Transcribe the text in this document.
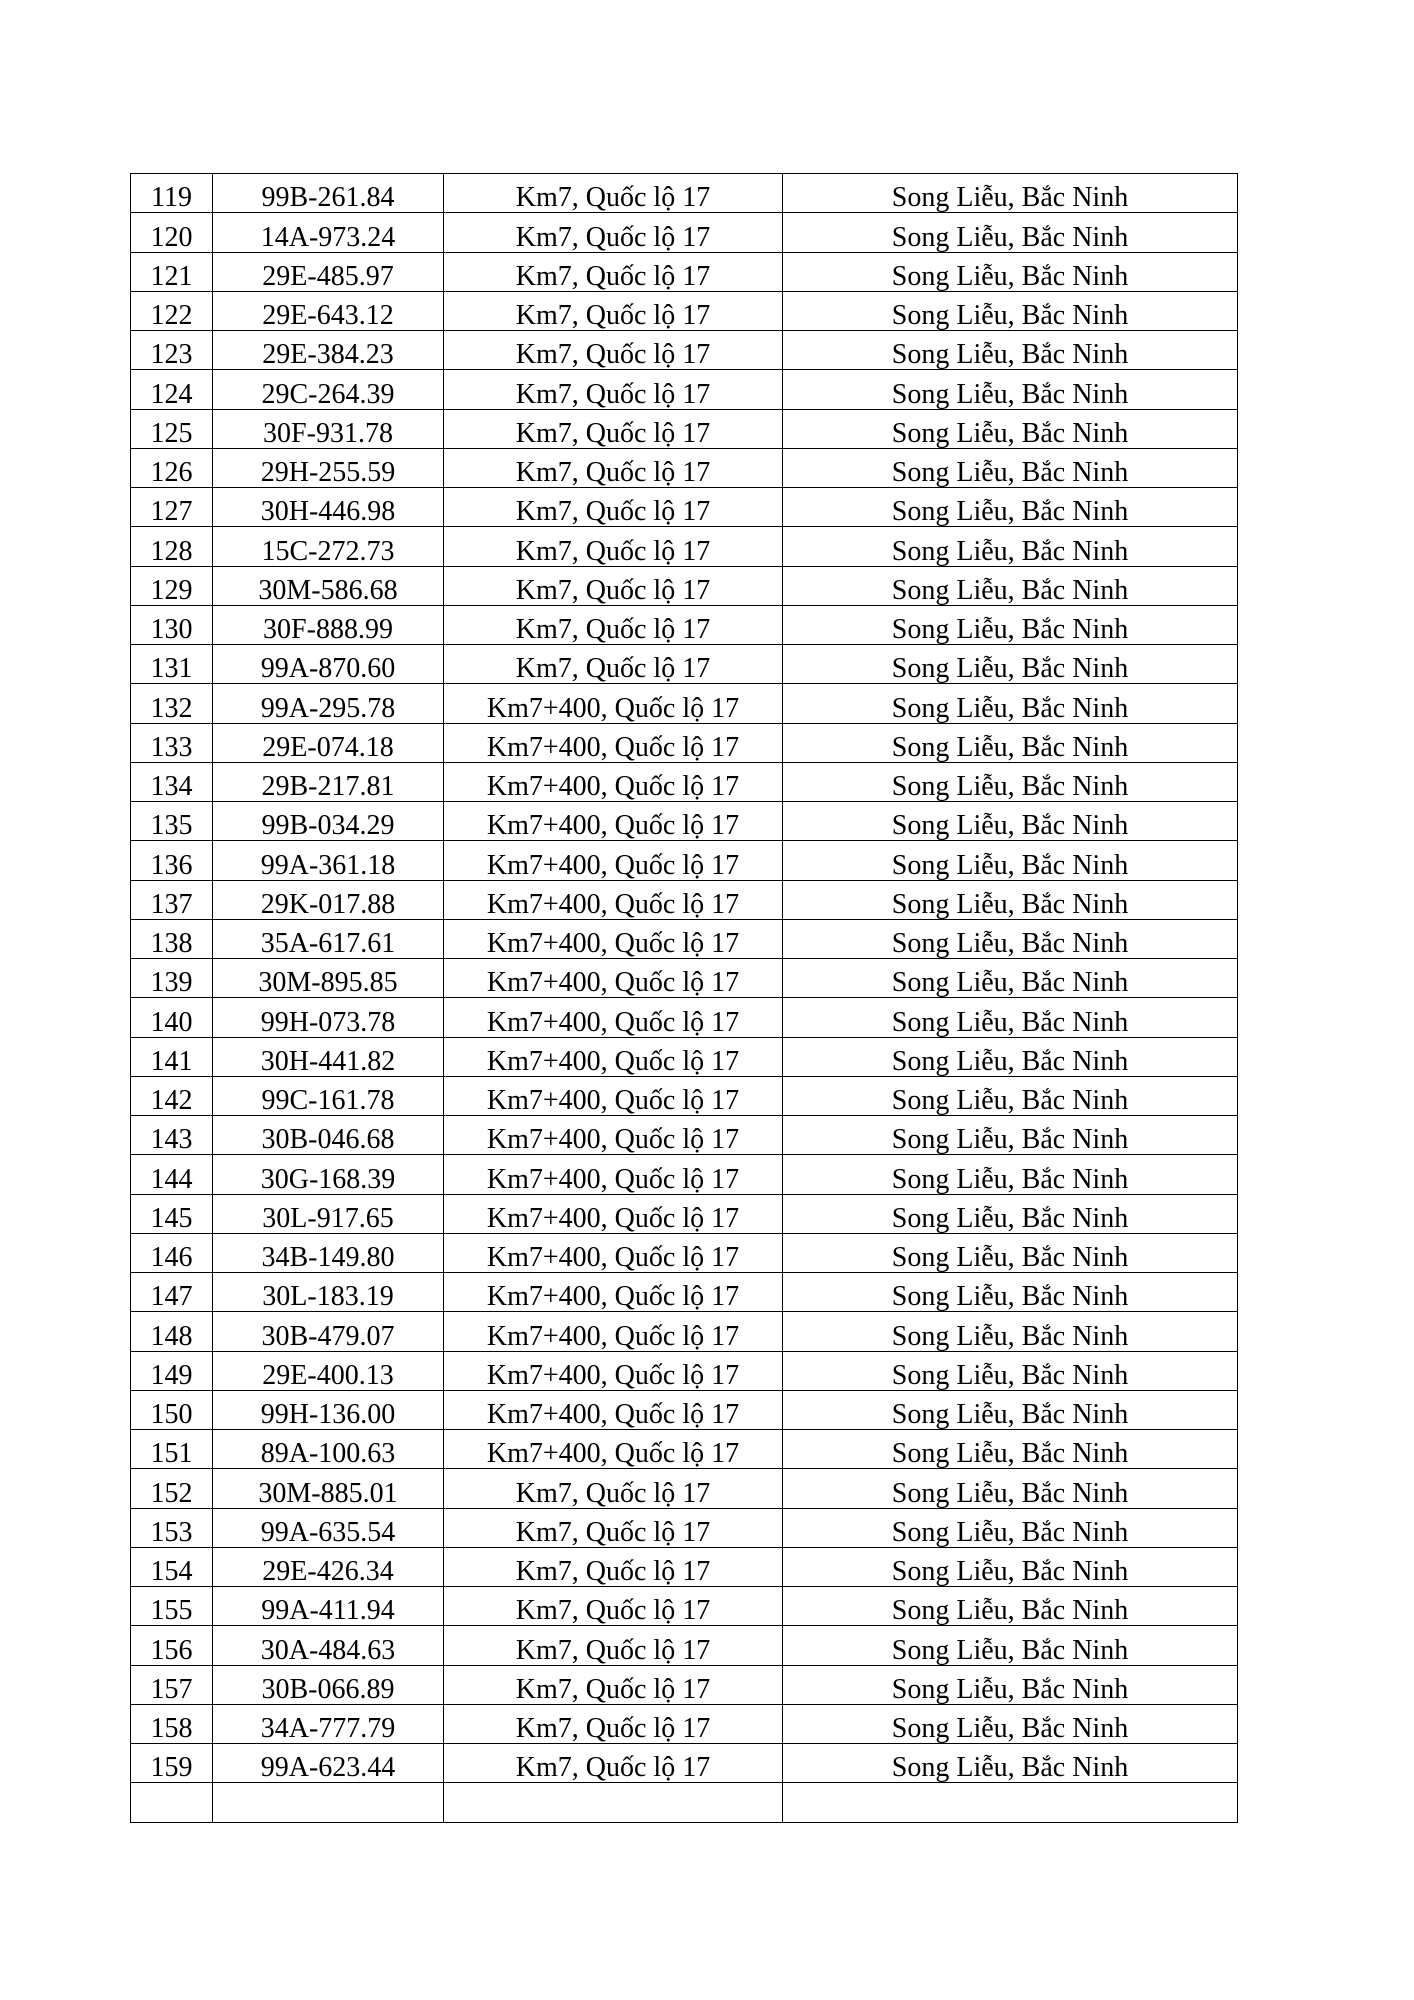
119	99B-261.84	Km7, Quốc lộ 17	Song Liễu, Bắc Ninh
120	14A-973.24	Km7, Quốc lộ 17	Song Liễu, Bắc Ninh
121	29E-485.97	Km7, Quốc lộ 17	Song Liễu, Bắc Ninh
122	29E-643.12	Km7, Quốc lộ 17	Song Liễu, Bắc Ninh
123	29E-384.23	Km7, Quốc lộ 17	Song Liễu, Bắc Ninh
124	29C-264.39	Km7, Quốc lộ 17	Song Liễu, Bắc Ninh
125	30F-931.78	Km7, Quốc lộ 17	Song Liễu, Bắc Ninh
126	29H-255.59	Km7, Quốc lộ 17	Song Liễu, Bắc Ninh
127	30H-446.98	Km7, Quốc lộ 17	Song Liễu, Bắc Ninh
128	15C-272.73	Km7, Quốc lộ 17	Song Liễu, Bắc Ninh
129	30M-586.68	Km7, Quốc lộ 17	Song Liễu, Bắc Ninh
130	30F-888.99	Km7, Quốc lộ 17	Song Liễu, Bắc Ninh
131	99A-870.60	Km7, Quốc lộ 17	Song Liễu, Bắc Ninh
132	99A-295.78	Km7+400, Quốc lộ 17	Song Liễu, Bắc Ninh
133	29E-074.18	Km7+400, Quốc lộ 17	Song Liễu, Bắc Ninh
134	29B-217.81	Km7+400, Quốc lộ 17	Song Liễu, Bắc Ninh
135	99B-034.29	Km7+400, Quốc lộ 17	Song Liễu, Bắc Ninh
136	99A-361.18	Km7+400, Quốc lộ 17	Song Liễu, Bắc Ninh
137	29K-017.88	Km7+400, Quốc lộ 17	Song Liễu, Bắc Ninh
138	35A-617.61	Km7+400, Quốc lộ 17	Song Liễu, Bắc Ninh
139	30M-895.85	Km7+400, Quốc lộ 17	Song Liễu, Bắc Ninh
140	99H-073.78	Km7+400, Quốc lộ 17	Song Liễu, Bắc Ninh
141	30H-441.82	Km7+400, Quốc lộ 17	Song Liễu, Bắc Ninh
142	99C-161.78	Km7+400, Quốc lộ 17	Song Liễu, Bắc Ninh
143	30B-046.68	Km7+400, Quốc lộ 17	Song Liễu, Bắc Ninh
144	30G-168.39	Km7+400, Quốc lộ 17	Song Liễu, Bắc Ninh
145	30L-917.65	Km7+400, Quốc lộ 17	Song Liễu, Bắc Ninh
146	34B-149.80	Km7+400, Quốc lộ 17	Song Liễu, Bắc Ninh
147	30L-183.19	Km7+400, Quốc lộ 17	Song Liễu, Bắc Ninh
148	30B-479.07	Km7+400, Quốc lộ 17	Song Liễu, Bắc Ninh
149	29E-400.13	Km7+400, Quốc lộ 17	Song Liễu, Bắc Ninh
150	99H-136.00	Km7+400, Quốc lộ 17	Song Liễu, Bắc Ninh
151	89A-100.63	Km7+400, Quốc lộ 17	Song Liễu, Bắc Ninh
152	30M-885.01	Km7, Quốc lộ 17	Song Liễu, Bắc Ninh
153	99A-635.54	Km7, Quốc lộ 17	Song Liễu, Bắc Ninh
154	29E-426.34	Km7, Quốc lộ 17	Song Liễu, Bắc Ninh
155	99A-411.94	Km7, Quốc lộ 17	Song Liễu, Bắc Ninh
156	30A-484.63	Km7, Quốc lộ 17	Song Liễu, Bắc Ninh
157	30B-066.89	Km7, Quốc lộ 17	Song Liễu, Bắc Ninh
158	34A-777.79	Km7, Quốc lộ 17	Song Liễu, Bắc Ninh
159	99A-623.44	Km7, Quốc lộ 17	Song Liễu, Bắc Ninh
